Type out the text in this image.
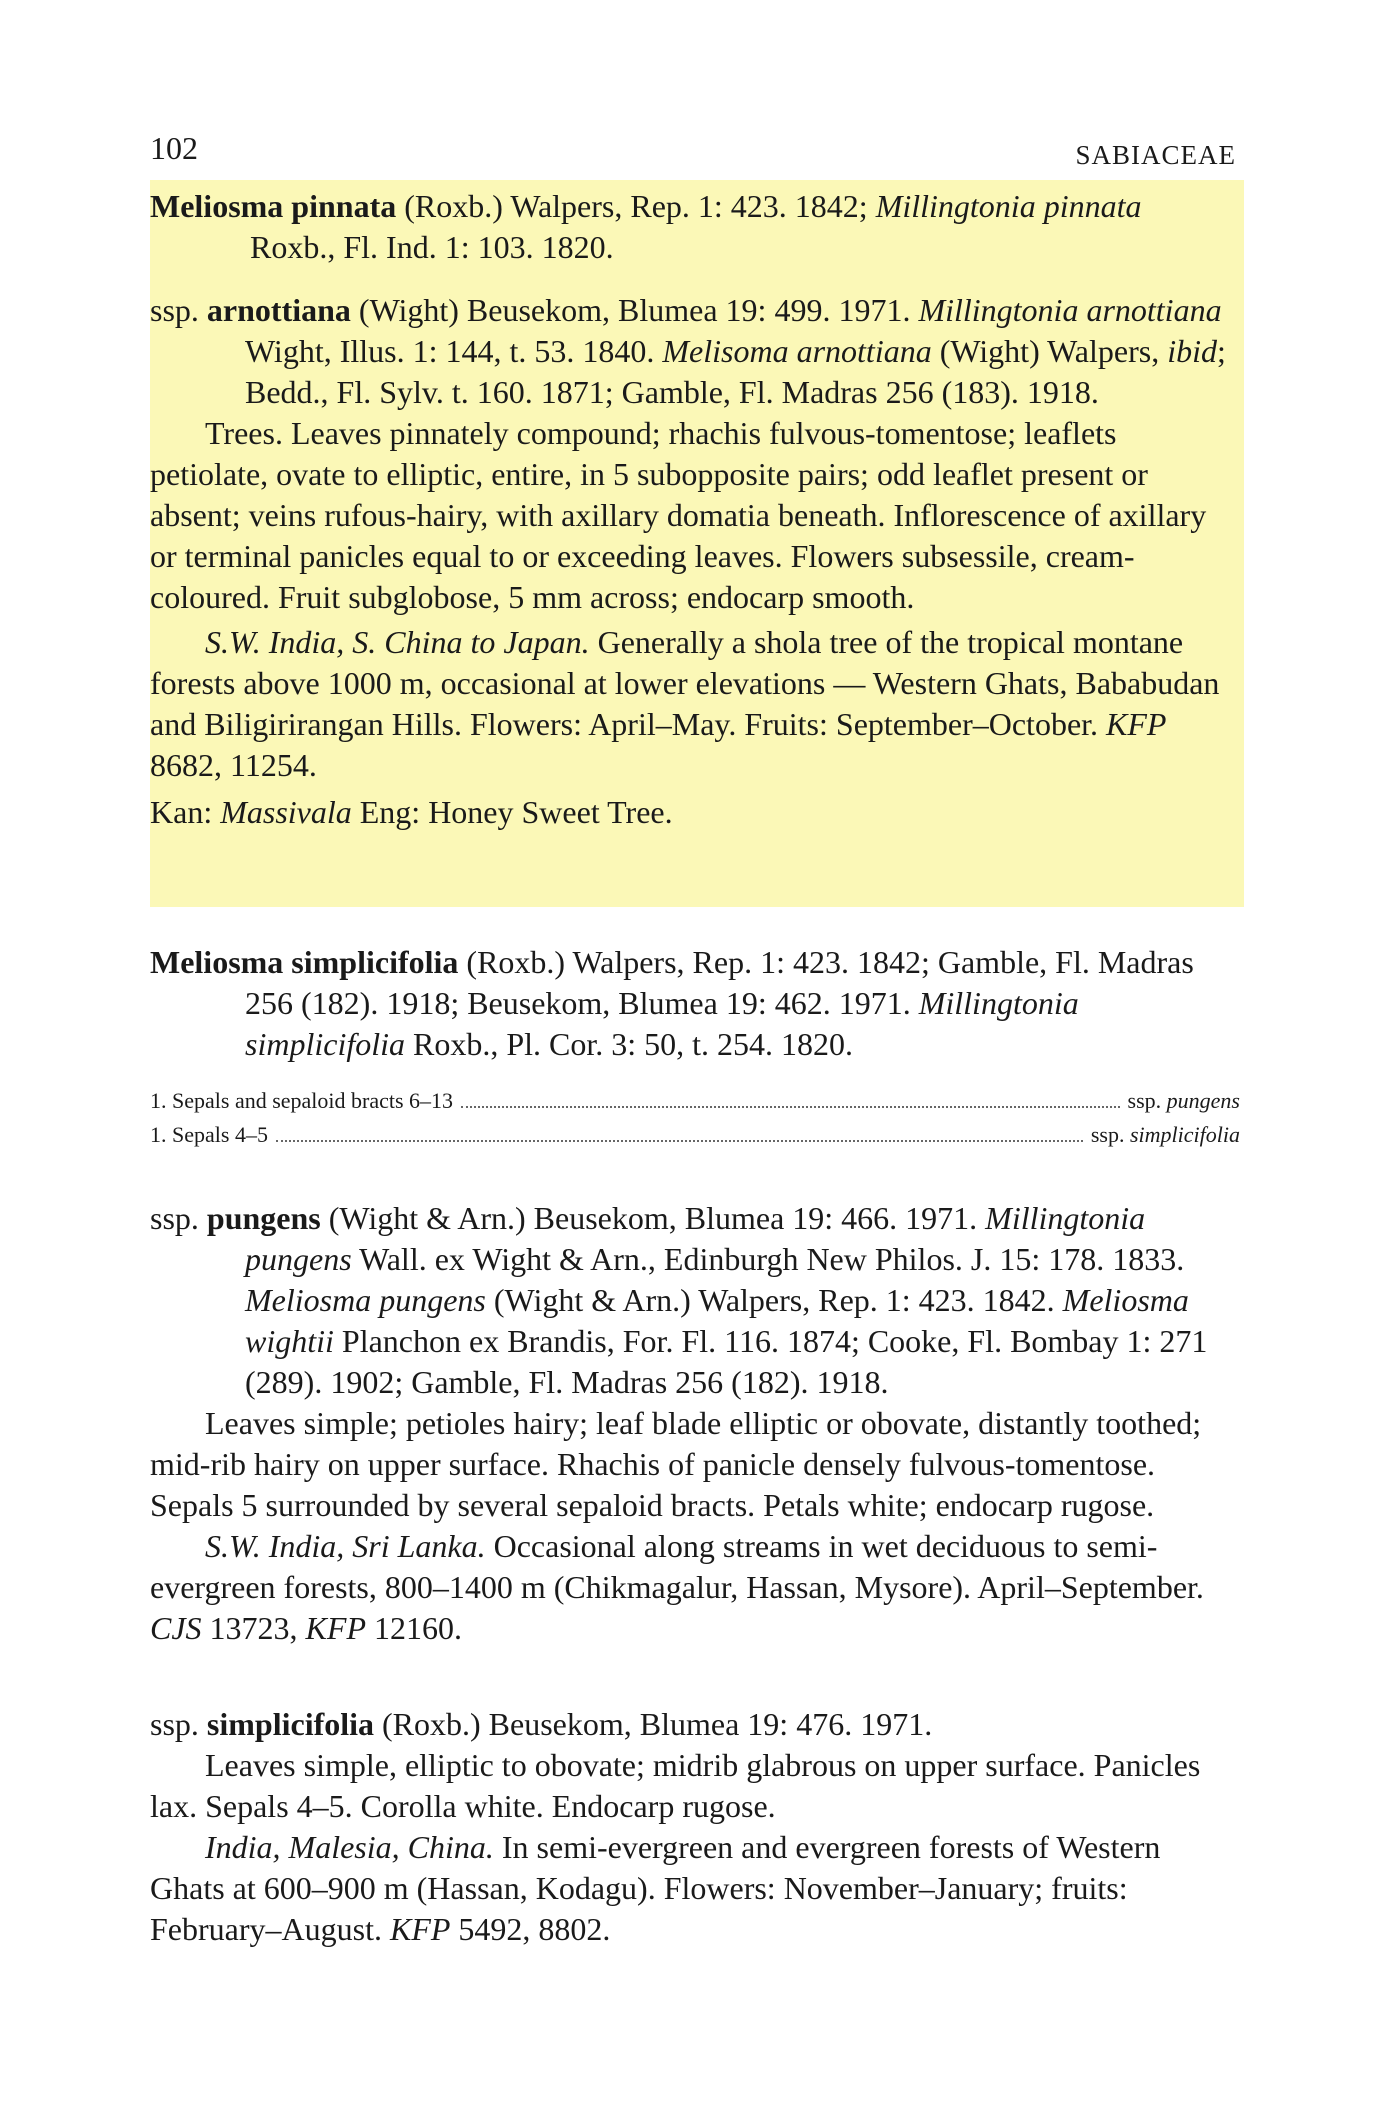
102	SABIACEAE

Meliosma pinnata (Roxb.) Walpers, Rep. 1: 423. 1842; Millingtonia pinnata
Roxb., Fl. Ind. 1: 103. 1820.

ssp. arnottiana (Wight) Beusekom, Blumea 19: 499. 1971. Millingtonia arnottiana Wight, Illus. 1: 144, t. 53. 1840. Melisoma arnottiana (Wight) Walpers, ibid; Bedd., Fl. Sylv. t. 160. 1871; Gamble, Fl. Madras 256 (183). 1918.

Trees. Leaves pinnately compound; rhachis fulvous-tomentose; leaflets petiolate, ovate to elliptic, entire, in 5 subopposite pairs; odd leaflet present or absent; veins rufous-hairy, with axillary domatia beneath. Inflorescence of axillary or terminal panicles equal to or exceeding leaves. Flowers subsessile, cream-coloured. Fruit subglobose, 5 mm across; endocarp smooth.

S.W. India, S. China to Japan. Generally a shola tree of the tropical montane forests above 1000 m, occasional at lower elevations — Western Ghats, Bababudan and Biligirirangan Hills. Flowers: April–May. Fruits: September–October. KFP 8682, 11254.

Kan: Massivala Eng: Honey Sweet Tree.

Meliosma simplicifolia (Roxb.) Walpers, Rep. 1: 423. 1842; Gamble, Fl. Madras 256 (182). 1918; Beusekom, Blumea 19: 462. 1971. Millingtonia simplicifolia Roxb., Pl. Cor. 3: 50, t. 254. 1820.

1. Sepals and sepaloid bracts 6–13	ssp. pungens
1. Sepals 4–5	ssp. simplicifolia

ssp. pungens (Wight & Arn.) Beusekom, Blumea 19: 466. 1971. Millingtonia pungens Wall. ex Wight & Arn., Edinburgh New Philos. J. 15: 178. 1833. Meliosma pungens (Wight & Arn.) Walpers, Rep. 1: 423. 1842. Meliosma wightii Planchon ex Brandis, For. Fl. 116. 1874; Cooke, Fl. Bombay 1: 271 (289). 1902; Gamble, Fl. Madras 256 (182). 1918.

Leaves simple; petioles hairy; leaf blade elliptic or obovate, distantly toothed; mid-rib hairy on upper surface. Rhachis of panicle densely fulvous-tomentose. Sepals 5 surrounded by several sepaloid bracts. Petals white; endocarp rugose.

S.W. India, Sri Lanka. Occasional along streams in wet deciduous to semi-evergreen forests, 800–1400 m (Chikmagalur, Hassan, Mysore). April–September. CJS 13723, KFP 12160.

ssp. simplicifolia (Roxb.) Beusekom, Blumea 19: 476. 1971.

Leaves simple, elliptic to obovate; midrib glabrous on upper surface. Panicles lax. Sepals 4–5. Corolla white. Endocarp rugose.

India, Malesia, China. In semi-evergreen and evergreen forests of Western Ghats at 600–900 m (Hassan, Kodagu). Flowers: November–January; fruits: February–August. KFP 5492, 8802.
